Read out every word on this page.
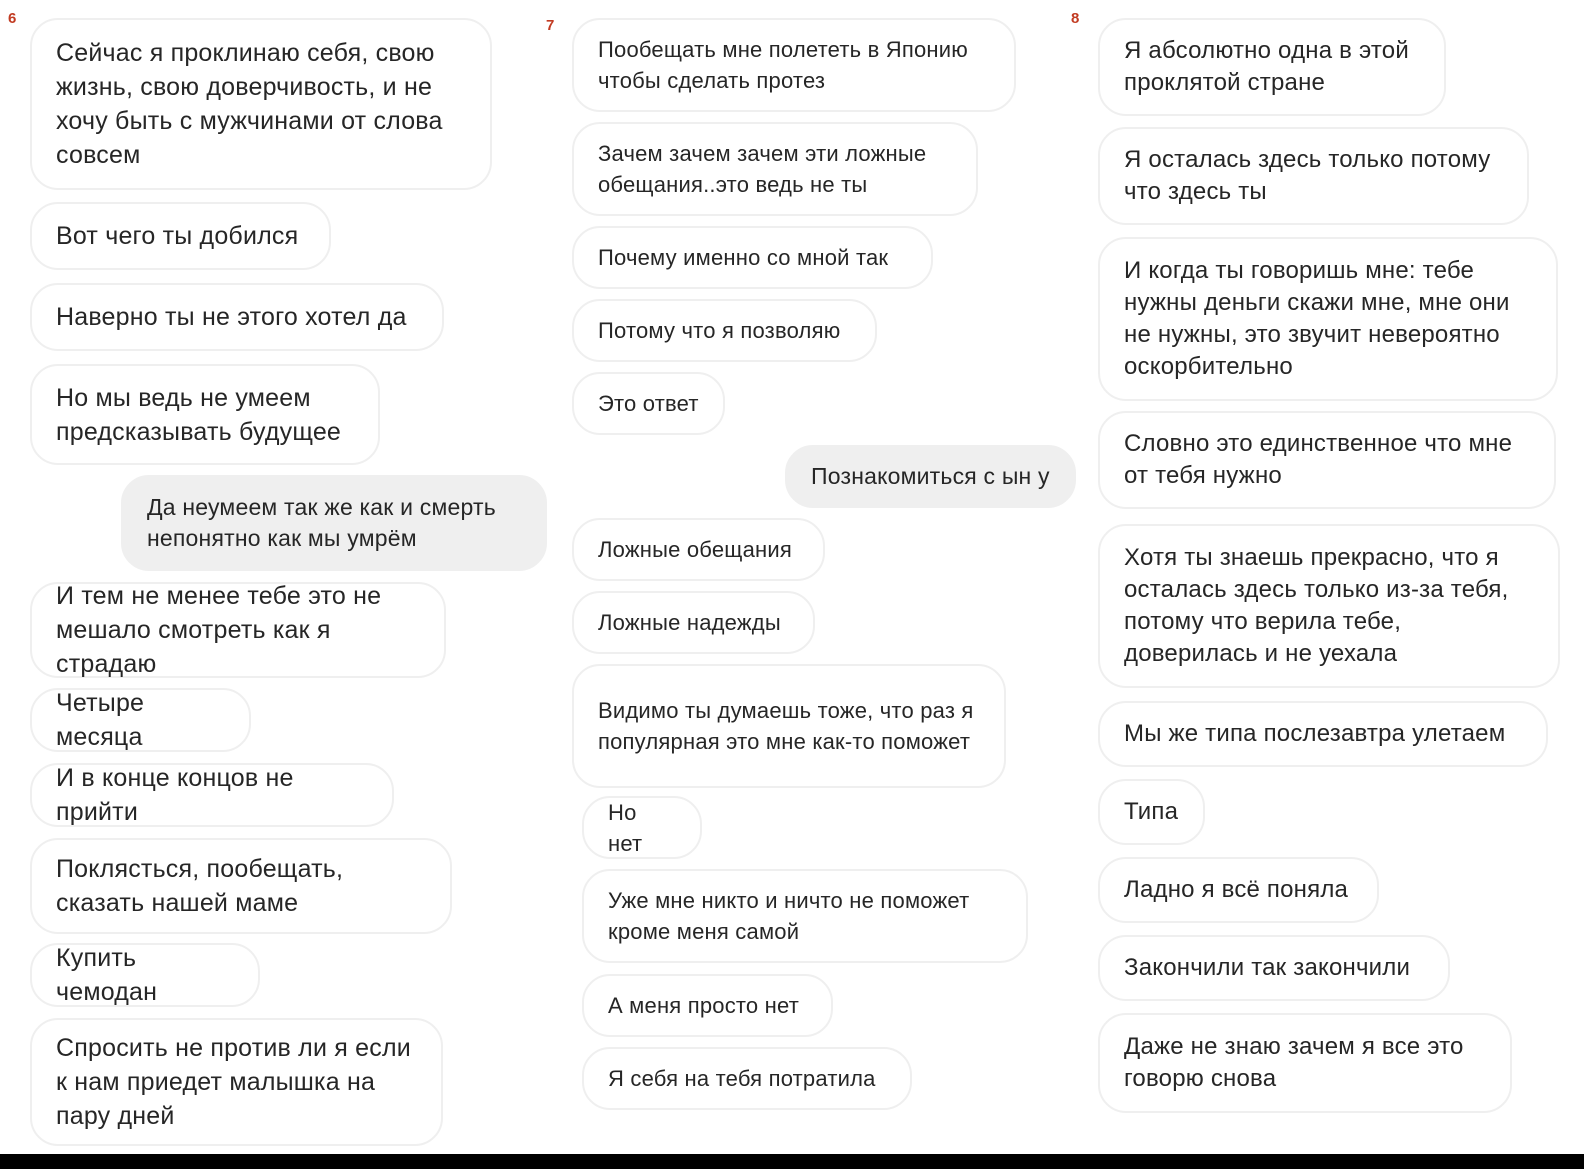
6
Сейчас я проклинаю себя, свою жизнь, свою доверчивость, и не хочу быть с мужчинами от слова совсем
Вот чего ты добился
Наверно ты не этого хотел да
Но мы ведь не умеем предсказывать будущее
Да неумеем так же как и смерть непонятно как мы умрём
И тем не менее тебе это не мешало смотреть как я страдаю
Четыре месяца
И в конце концов не прийти
Поклясться, пообещать, сказать нашей маме
Купить чемодан
Спросить не против ли я если к нам приедет малышка на пару дней
7
Пообещать мне полететь в Японию чтобы сделать протез
Зачем зачем зачем эти ложные обещания..это ведь не ты
Почему именно со мной так
Потому что я позволяю
Это ответ
Познакомиться с ын у
Ложные обещания
Ложные надежды
Видимо ты думаешь тоже, что раз я популярная это мне как-то поможет
Но нет
Уже мне никто и ничто не поможет кроме меня самой
А меня просто нет
Я себя на тебя потратила
8
Я абсолютно одна в этой проклятой стране
Я осталась здесь только потому что здесь ты
И когда ты говоришь мне: тебе нужны деньги скажи мне, мне они не нужны, это звучит невероятно оскорбительно
Словно это единственное что мне от тебя нужно
Хотя ты знаешь прекрасно, что я осталась здесь только из-за тебя, потому что верила тебе, доверилась и не уехала
Мы же типа послезавтра улетаем
Типа
Ладно я всё поняла
Закончили так закончили
Даже не знаю зачем я все это говорю снова
